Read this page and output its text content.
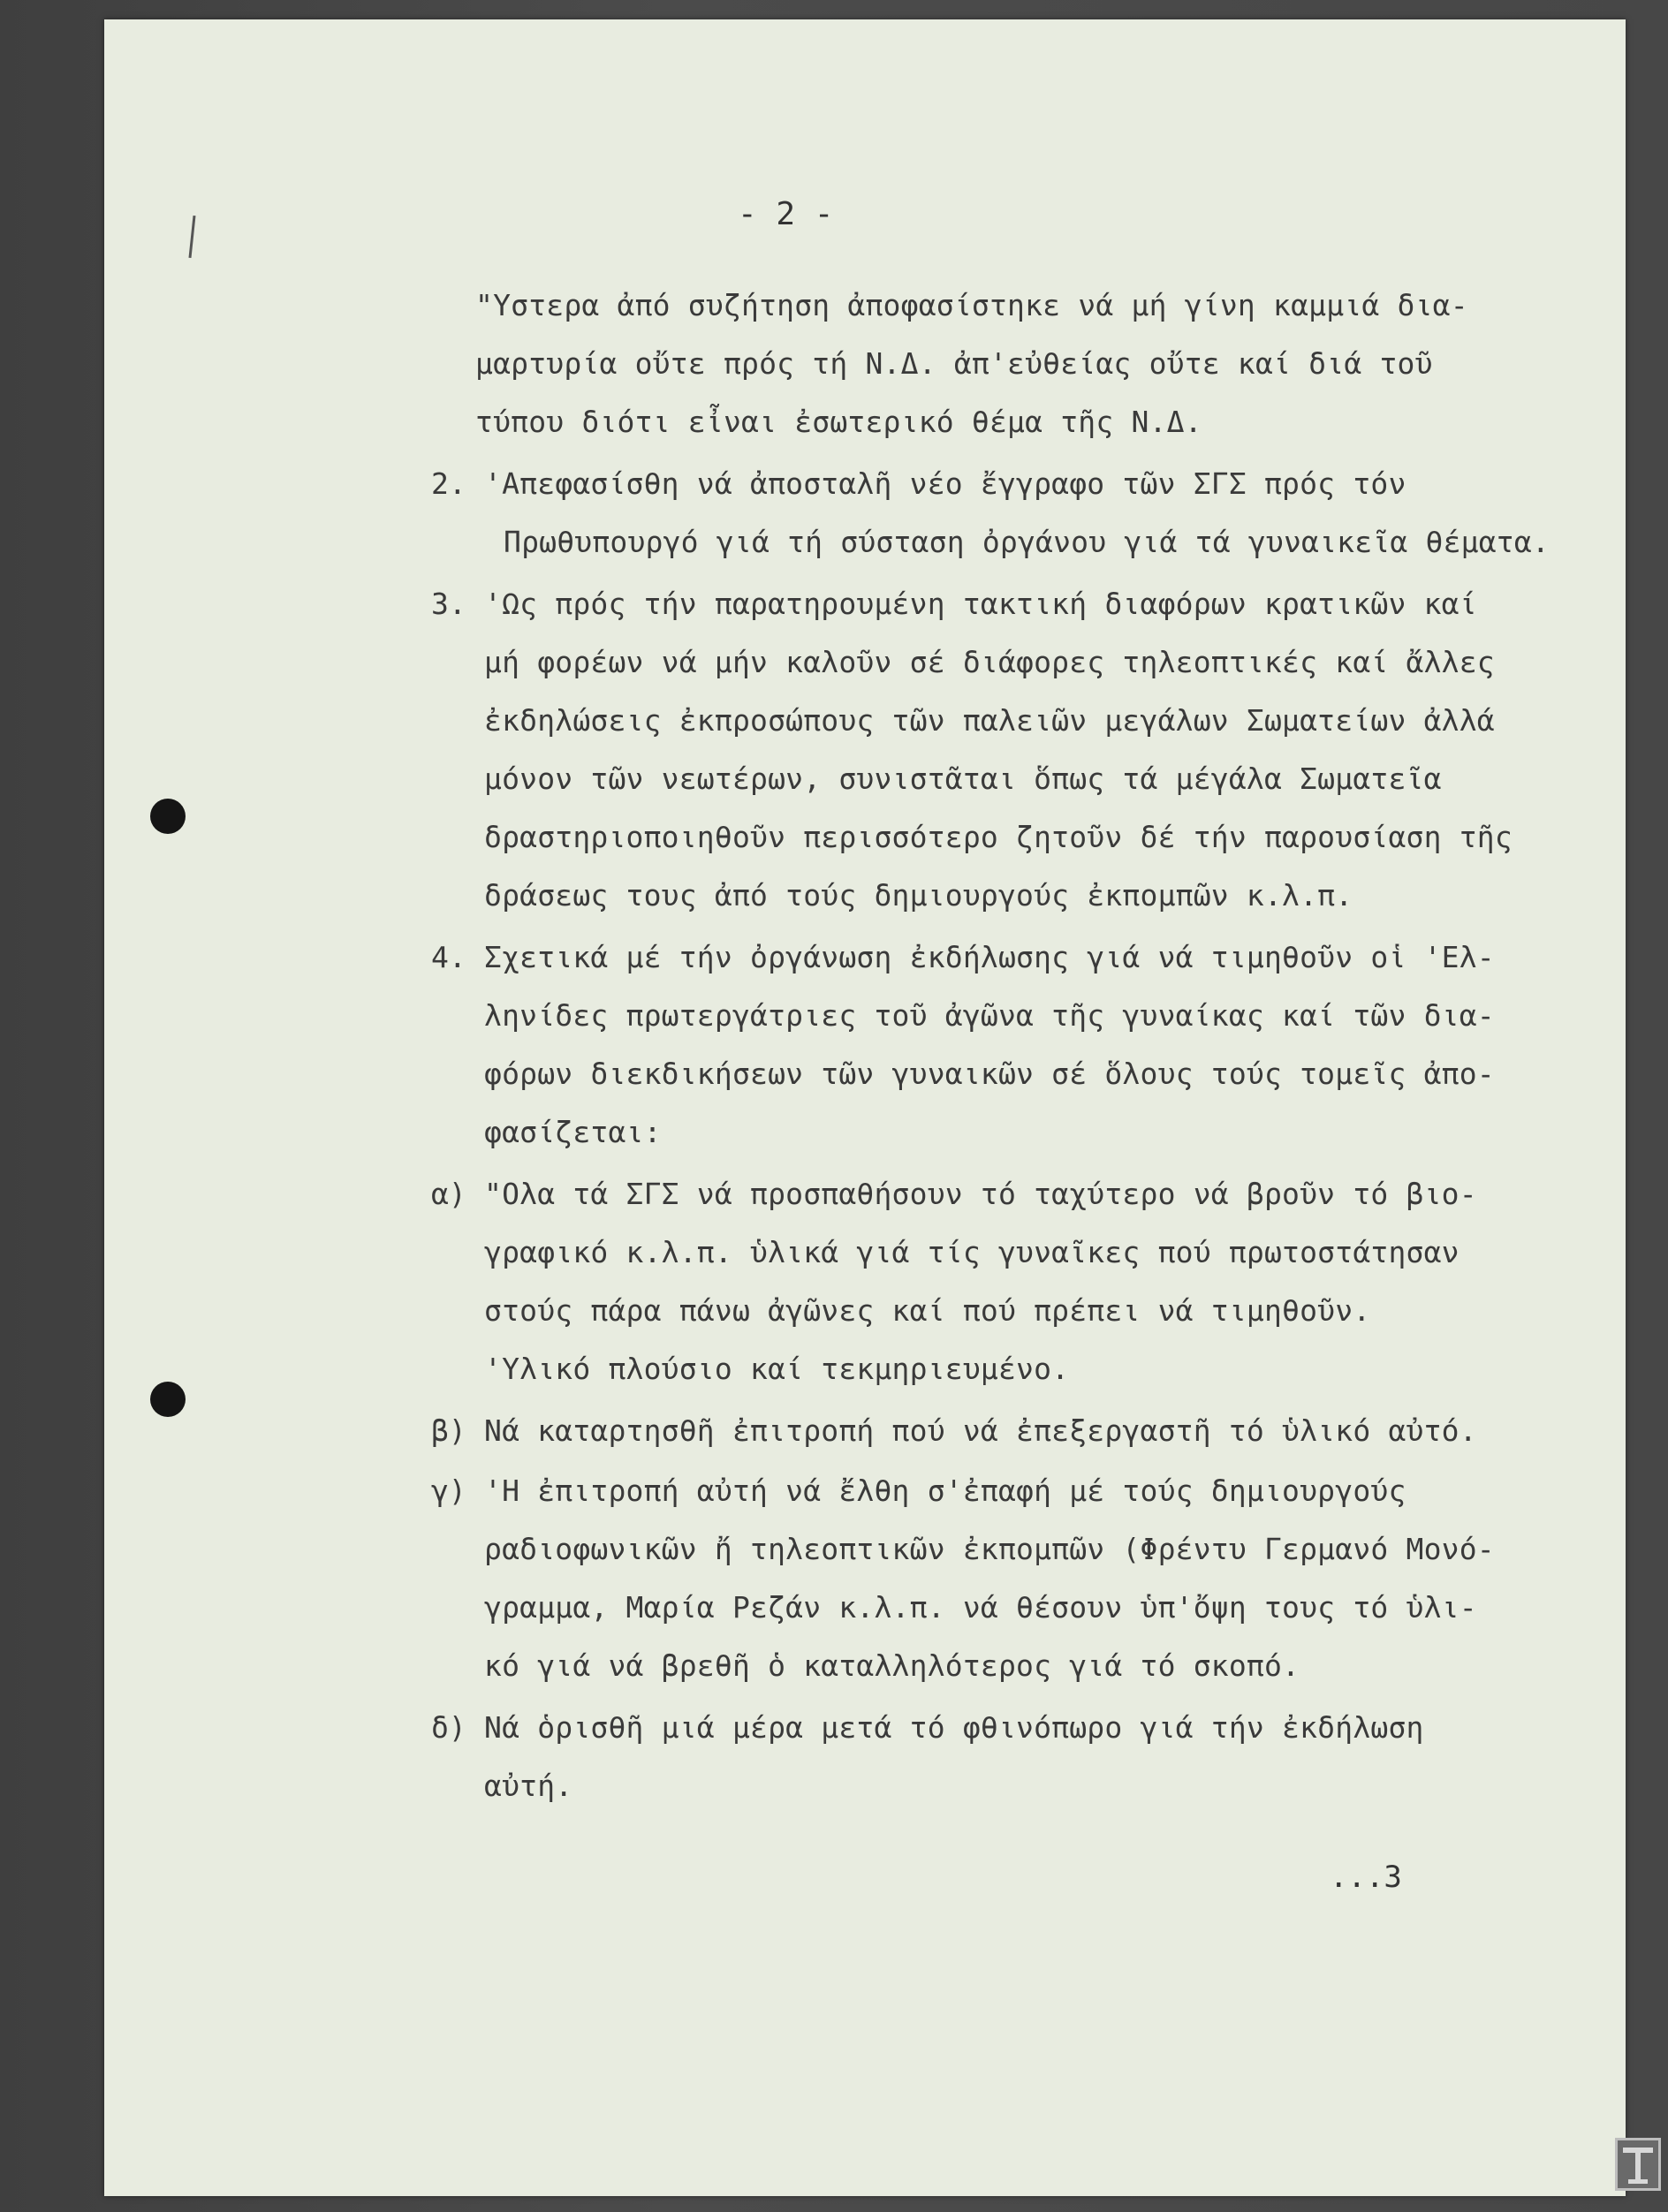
- 2 -
"Υστερα ἀπό συζήτηση ἀποφασίστηκε νά μή γίνη καμμιά δια-
μαρτυρία οὔτε πρός τή Ν.Δ. ἀπ'εὐθείας οὔτε καί διά τοῦ
τύπου διότι εἶναι ἐσωτερικό θέμα τῆς Ν.Δ.
2. 'Απεφασίσθη νά ἀποσταλῆ νέο ἔγγραφο τῶν ΣΓΣ πρός τόν
Πρωθυπουργό γιά τή σύσταση ὀργάνου γιά τά γυναικεῖα θέματα.
3. 'Ως πρός τήν παρατηρουμένη τακτική διαφόρων κρατικῶν καί
μή φορέων νά μήν καλοῦν σέ διάφορες τηλεοπτικές καί ἄλλες
ἐκδηλώσεις ἐκπροσώπους τῶν παλειῶν μεγάλων Σωματείων ἀλλά
μόνον τῶν νεωτέρων, συνιστᾶται ὅπως τά μέγάλα Σωματεῖα
δραστηριοποιηθοῦν περισσότερο ζητοῦν δέ τήν παρουσίαση τῆς
δράσεως τους ἀπό τούς δημιουργούς ἐκπομπῶν κ.λ.π.
4. Σχετικά μέ τήν ὀργάνωση ἐκδήλωσης γιά νά τιμηθοῦν οἱ 'Ελ-
ληνίδες πρωτεργάτριες τοῦ ἀγῶνα τῆς γυναίκας καί τῶν δια-
φόρων διεκδικήσεων τῶν γυναικῶν σέ ὅλους τούς τομεῖς ἀπο-
φασίζεται:
α) "Ολα τά ΣΓΣ νά προσπαθήσουν τό ταχύτερο νά βροῦν τό βιο-
γραφικό κ.λ.π. ὑλικά γιά τίς γυναῖκες πού πρωτοστάτησαν
στούς πάρα πάνω ἀγῶνες καί πού πρέπει νά τιμηθοῦν.
'Υλικό πλούσιο καί τεκμηριευμένο.
β) Νά καταρτησθῆ ἐπιτροπή πού νά ἐπεξεργαστῆ τό ὑλικό αὐτό.
γ) 'Η ἐπιτροπή αὐτή νά ἔλθη σ'ἐπαφή μέ τούς δημιουργούς
ραδιοφωνικῶν ἤ τηλεοπτικῶν ἐκπομπῶν (Φρέντυ Γερμανό Μονό-
γραμμα, Μαρία Ρεζάν κ.λ.π. νά θέσουν ὑπ'ὄψη τους τό ὑλι-
κό γιά νά βρεθῆ ὁ καταλληλότερος γιά τό σκοπό.
δ) Νά ὁρισθῆ μιά μέρα μετά τό φθινόπωρο γιά τήν ἐκδήλωση
αὐτή.
...3
